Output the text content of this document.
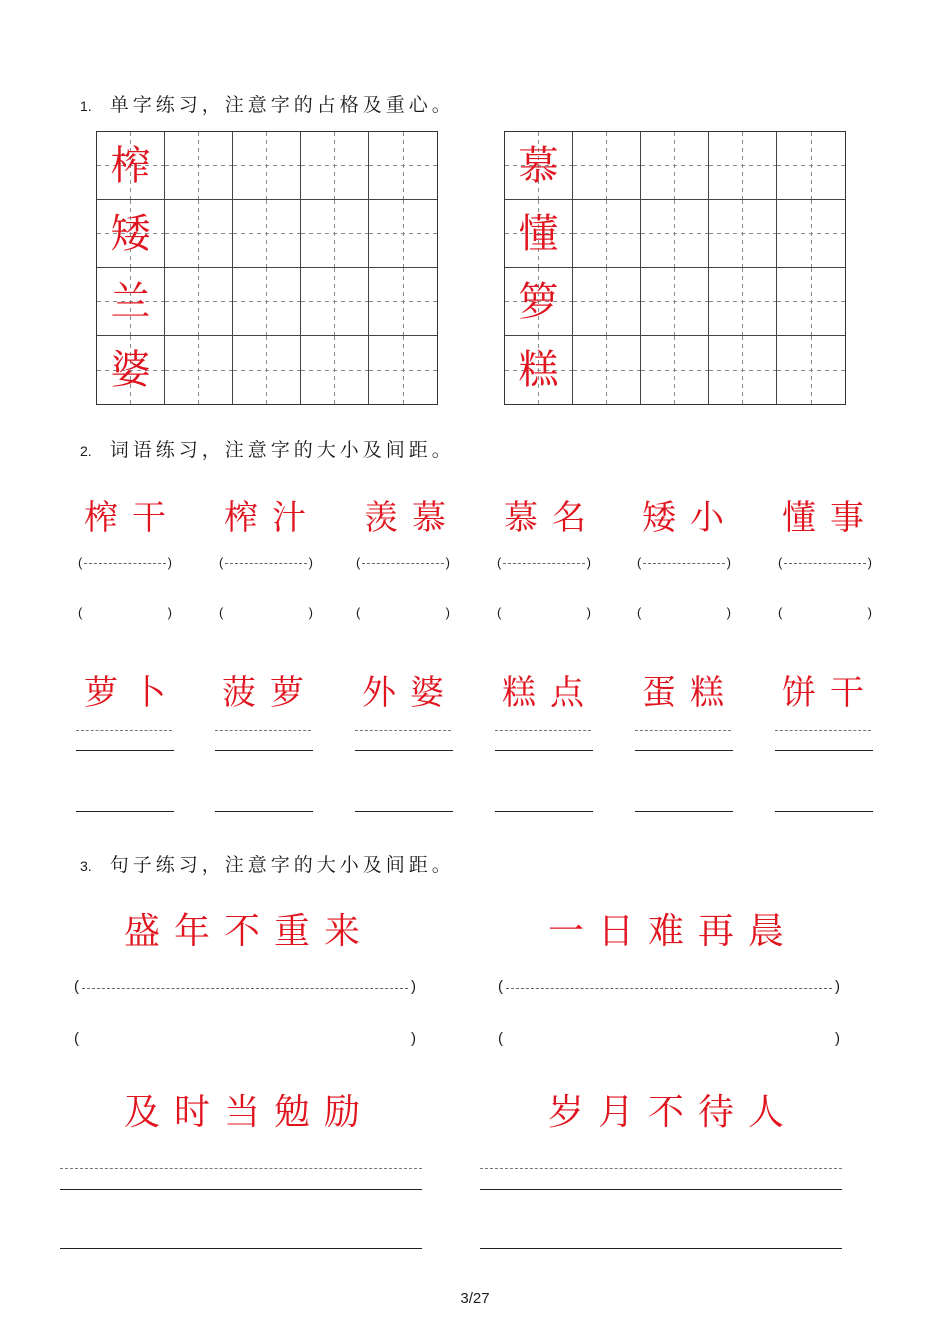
1. 单字练习，注意字的占格及重心。
榨
矮
兰
婆
慕
懂
箩
糕
2. 词语练习，注意字的大小及间距。
榨干 榨汁 羡慕 慕名 矮小 懂事
(	)	(	)	(	)	(	)	(	)	(	)
(	)	(	)	(	)	(	)	(	)	(	)
萝卜 菠萝 外婆 糕点 蛋糕 饼干
3. 句子练习，注意字的大小及间距。
盛年不重来	一日难再晨
(	)	(	)
(	)	(	)
及时当勉励	岁月不待人
3/27
